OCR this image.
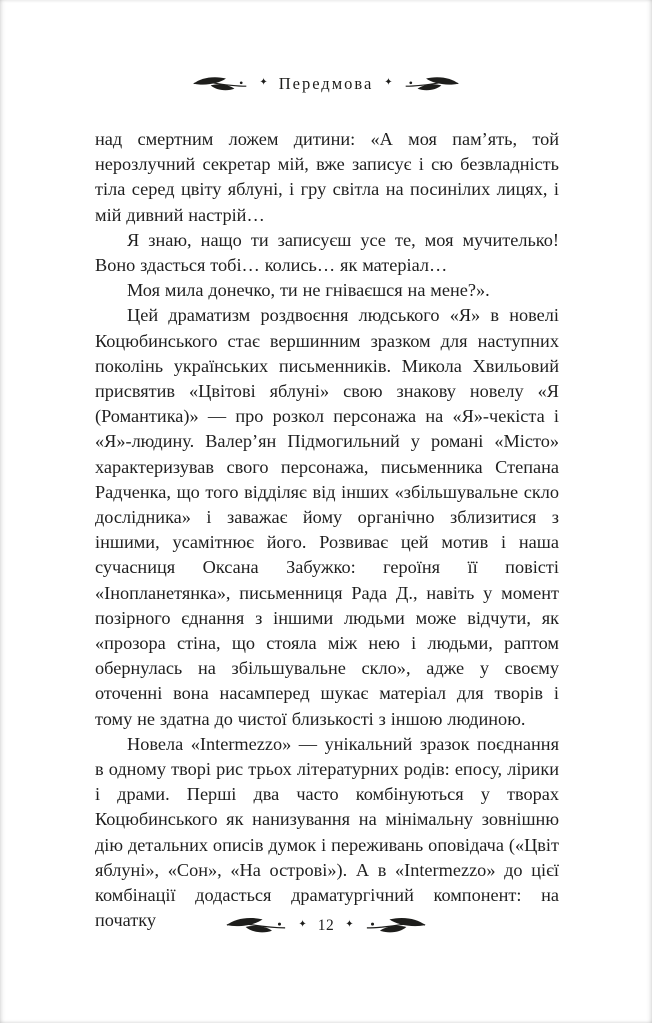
✦ Передмова ✦

над смертним ложем дитини: «А моя пам’ять, той нерозлучний секретар мій, вже записує і сю безвладність тіла серед цвіту яблуні, і гру світла на посинілих лицях, і мій дивний настрій…

Я знаю, нащо ти записуєш усе те, моя мучителько! Воно здасться тобі… колись… як матеріал…

Моя мила донечко, ти не гніваєшся на мене?».

Цей драматизм роздвоєння людського «Я» в новелі Коцюбинського стає вершинним зразком для наступних поколінь українських письменників. Микола Хвильовий присвятив «Цвітові яблуні» свою знакову новелу «Я (Романтика)» — про розкол персонажа на «Я»-чекіста і «Я»-людину. Валер’ян Підмогильний у романі «Місто» характеризував свого персонажа, письменника Степана Радченка, що того відділяє від інших «збільшувальне скло дослідника» і заважає йому органічно зблизитися з іншими, усамітнює його. Розвиває цей мотив і наша сучасниця Оксана Забужко: героїня її повісті «Інопланетянка», письменниця Рада Д., навіть у момент позірного єднання з іншими людьми може відчути, як «прозора стіна, що стояла між нею і людьми, раптом обернулась на збільшувальне скло», адже у своєму оточенні вона насамперед шукає матеріал для творів і тому не здатна до чистої близькості з іншою людиною.

Новела «Intermezzo» — унікальний зразок поєднання в одному творі рис трьох літературних родів: епосу, лірики і драми. Перші два часто комбінуються у творах Коцюбинського як нанизування на мінімальну зовнішню дію детальних описів думок і переживань оповідача («Цвіт яблуні», «Сон», «На острові»). А в «Intermezzo» до цієї комбінації додасться драматургічний компонент: на початку	✦ 12 ✦
